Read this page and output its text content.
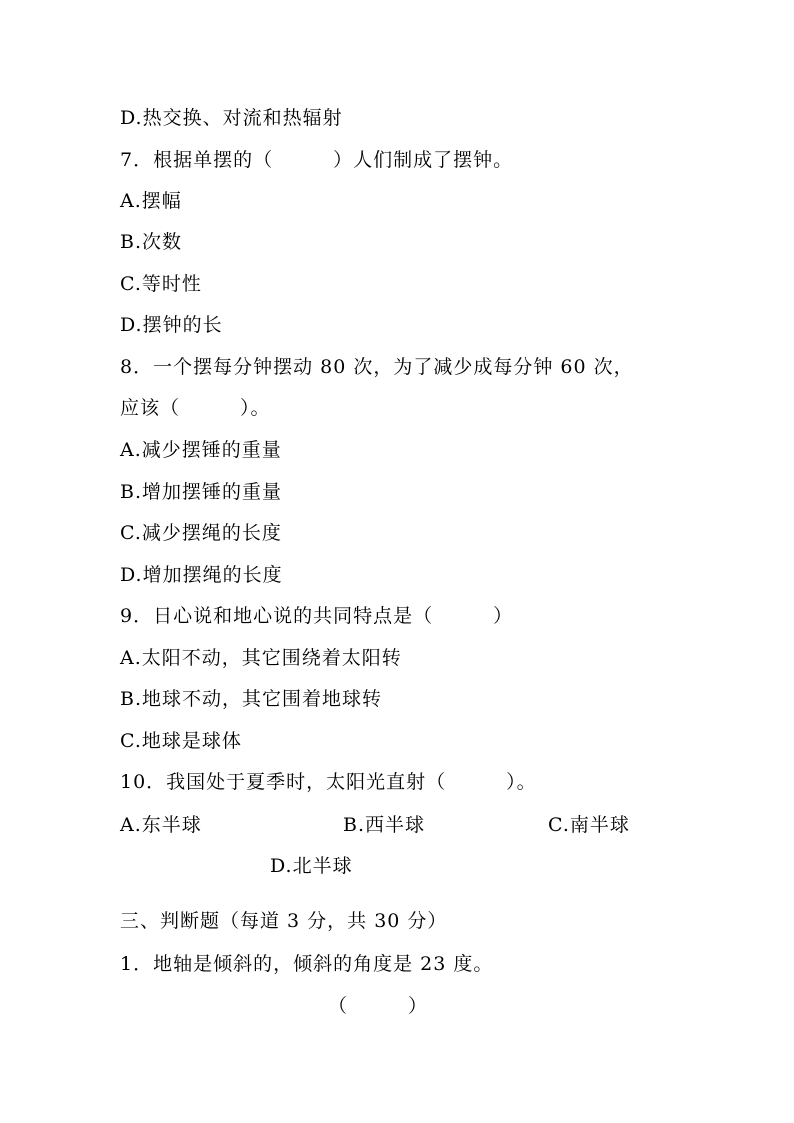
D.热交换、对流和热辐射
7．根据单摆的（　　　）人们制成了摆钟。
A.摆幅
B.次数
C.等时性
D.摆钟的长
8．一个摆每分钟摆动 80 次，为了减少成每分钟 60 次，
应该（　　　）。
A.减少摆锤的重量
B.增加摆锤的重量
C.减少摆绳的长度
D.增加摆绳的长度
9．日心说和地心说的共同特点是（　　　）
A.太阳不动，其它围绕着太阳转
B.地球不动，其它围着地球转
C.地球是球体
10．我国处于夏季时，太阳光直射（　　　）。
A.东半球	B.西半球	C.南半球
D.北半球
三、判断题（每道 3 分，共 30 分）
1．地轴是倾斜的，倾斜的角度是 23 度。
（　　　）
